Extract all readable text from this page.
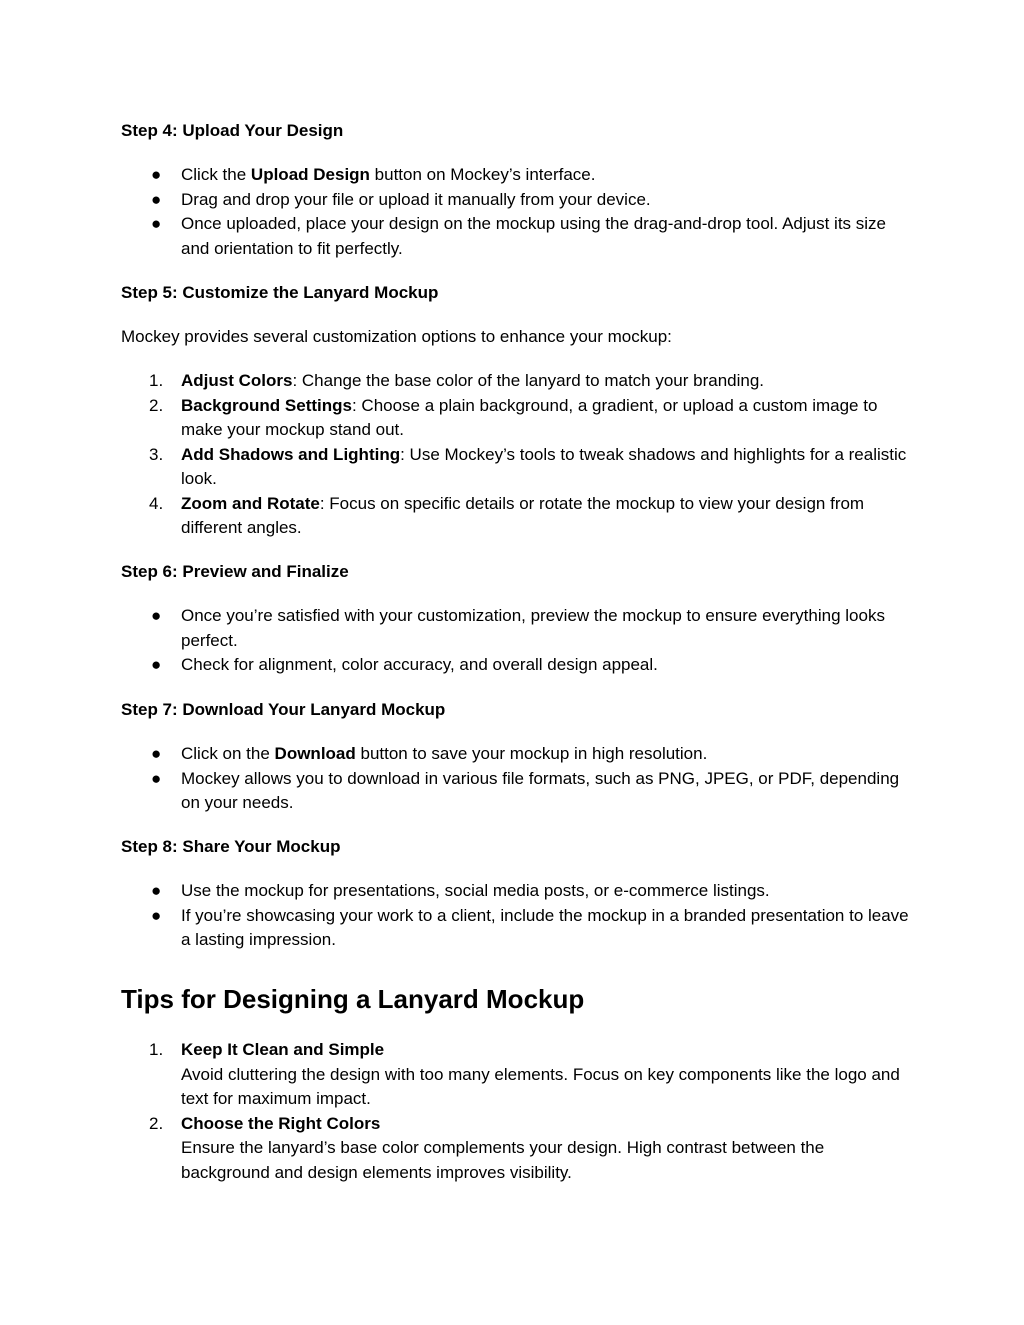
Step 4: Upload Your Design

●	Click the Upload Design button on Mockey’s interface.
●	Drag and drop your file or upload it manually from your device.
●	Once uploaded, place your design on the mockup using the drag-and-drop tool. Adjust its size and orientation to fit perfectly.

Step 5: Customize the Lanyard Mockup

Mockey provides several customization options to enhance your mockup:

1.	Adjust Colors: Change the base color of the lanyard to match your branding.
2.	Background Settings: Choose a plain background, a gradient, or upload a custom image to make your mockup stand out.
3.	Add Shadows and Lighting: Use Mockey’s tools to tweak shadows and highlights for a realistic look.
4.	Zoom and Rotate: Focus on specific details or rotate the mockup to view your design from different angles.

Step 6: Preview and Finalize

●	Once you’re satisfied with your customization, preview the mockup to ensure everything looks perfect.
●	Check for alignment, color accuracy, and overall design appeal.

Step 7: Download Your Lanyard Mockup

●	Click on the Download button to save your mockup in high resolution.
●	Mockey allows you to download in various file formats, such as PNG, JPEG, or PDF, depending on your needs.

Step 8: Share Your Mockup

●	Use the mockup for presentations, social media posts, or e-commerce listings.
●	If you’re showcasing your work to a client, include the mockup in a branded presentation to leave a lasting impression.
Tips for Designing a Lanyard Mockup
1.	Keep It Clean and Simple
Avoid cluttering the design with too many elements. Focus on key components like the logo and text for maximum impact.
2.	Choose the Right Colors
Ensure the lanyard’s base color complements your design. High contrast between the background and design elements improves visibility.
